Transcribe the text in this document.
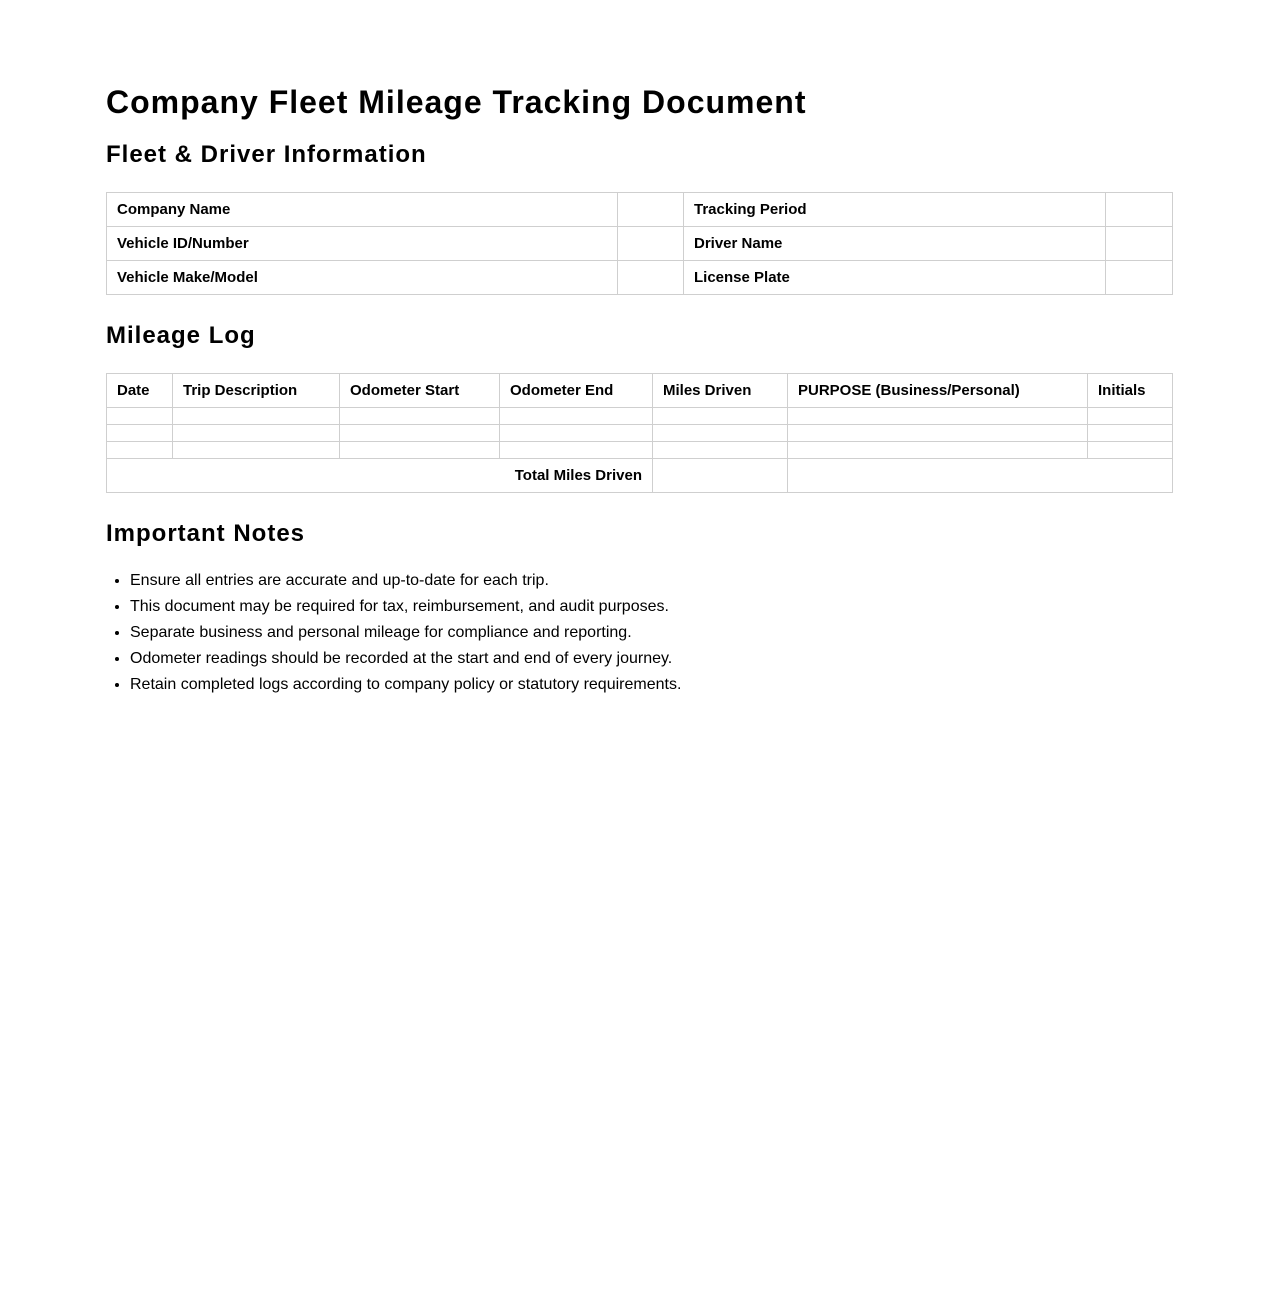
Company Fleet Mileage Tracking Document
Fleet & Driver Information
Company Name		Tracking Period	
Vehicle ID/Number		Driver Name	
Vehicle Make/Model		License Plate	
Mileage Log
Date	Trip Description	Odometer Start	Odometer End	Miles Driven	PURPOSE (Business/Personal)	Initials

Total Miles Driven						
Important Notes
• Ensure all entries are accurate and up-to-date for each trip.
• This document may be required for tax, reimbursement, and audit purposes.
• Separate business and personal mileage for compliance and reporting.
• Odometer readings should be recorded at the start and end of every journey.
• Retain completed logs according to company policy or statutory requirements.
